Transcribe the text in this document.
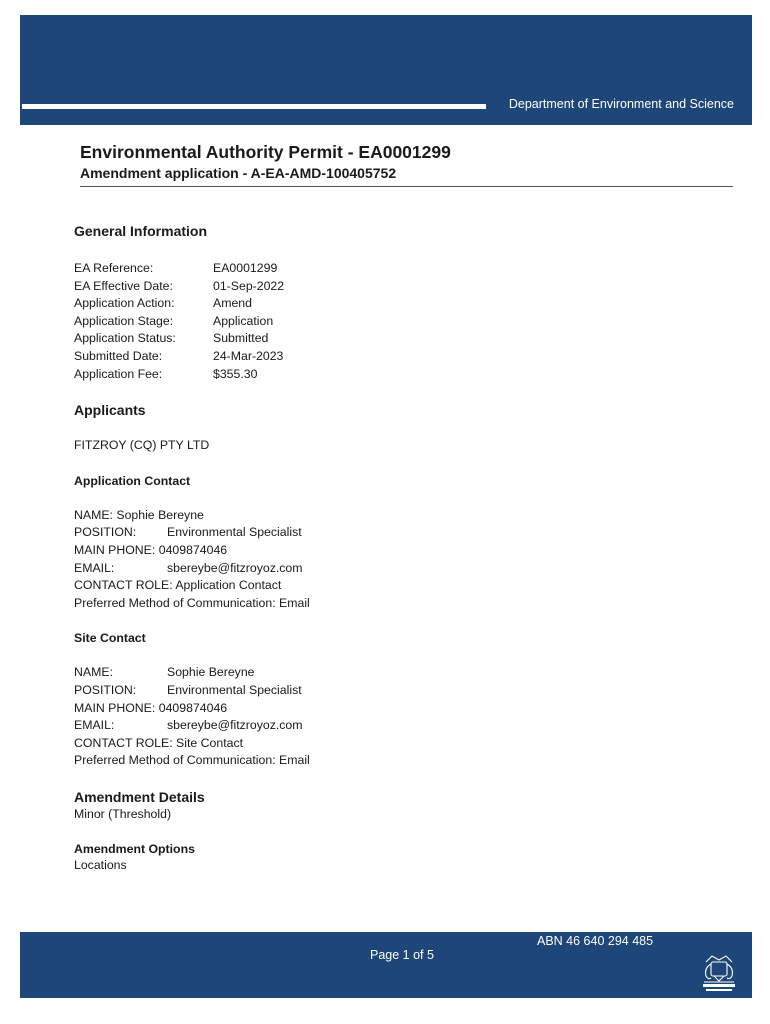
Department of Environment and Science
Environmental Authority Permit - EA0001299
Amendment application - A-EA-AMD-100405752
General Information
EA Reference:	EA0001299
EA Effective Date:	01-Sep-2022
Application Action:	Amend
Application Stage:	Application
Application Status:	Submitted
Submitted Date:	24-Mar-2023
Application Fee:	$355.30
Applicants
FITZROY (CQ) PTY LTD
Application Contact
NAME: Sophie Bereyne
POSITION:	Environmental Specialist
MAIN PHONE: 0409874046
EMAIL:	sbereybe@fitzroyoz.com
CONTACT ROLE: Application Contact
Preferred Method of Communication: Email
Site Contact
NAME:	Sophie Bereyne
POSITION:	Environmental Specialist
MAIN PHONE: 0409874046
EMAIL:	sbereybe@fitzroyoz.com
CONTACT ROLE: Site Contact
Preferred Method of Communication: Email
Amendment Details
Minor (Threshold)
Amendment Options
Locations
ABN 46 640 294 485
Page 1 of 5
